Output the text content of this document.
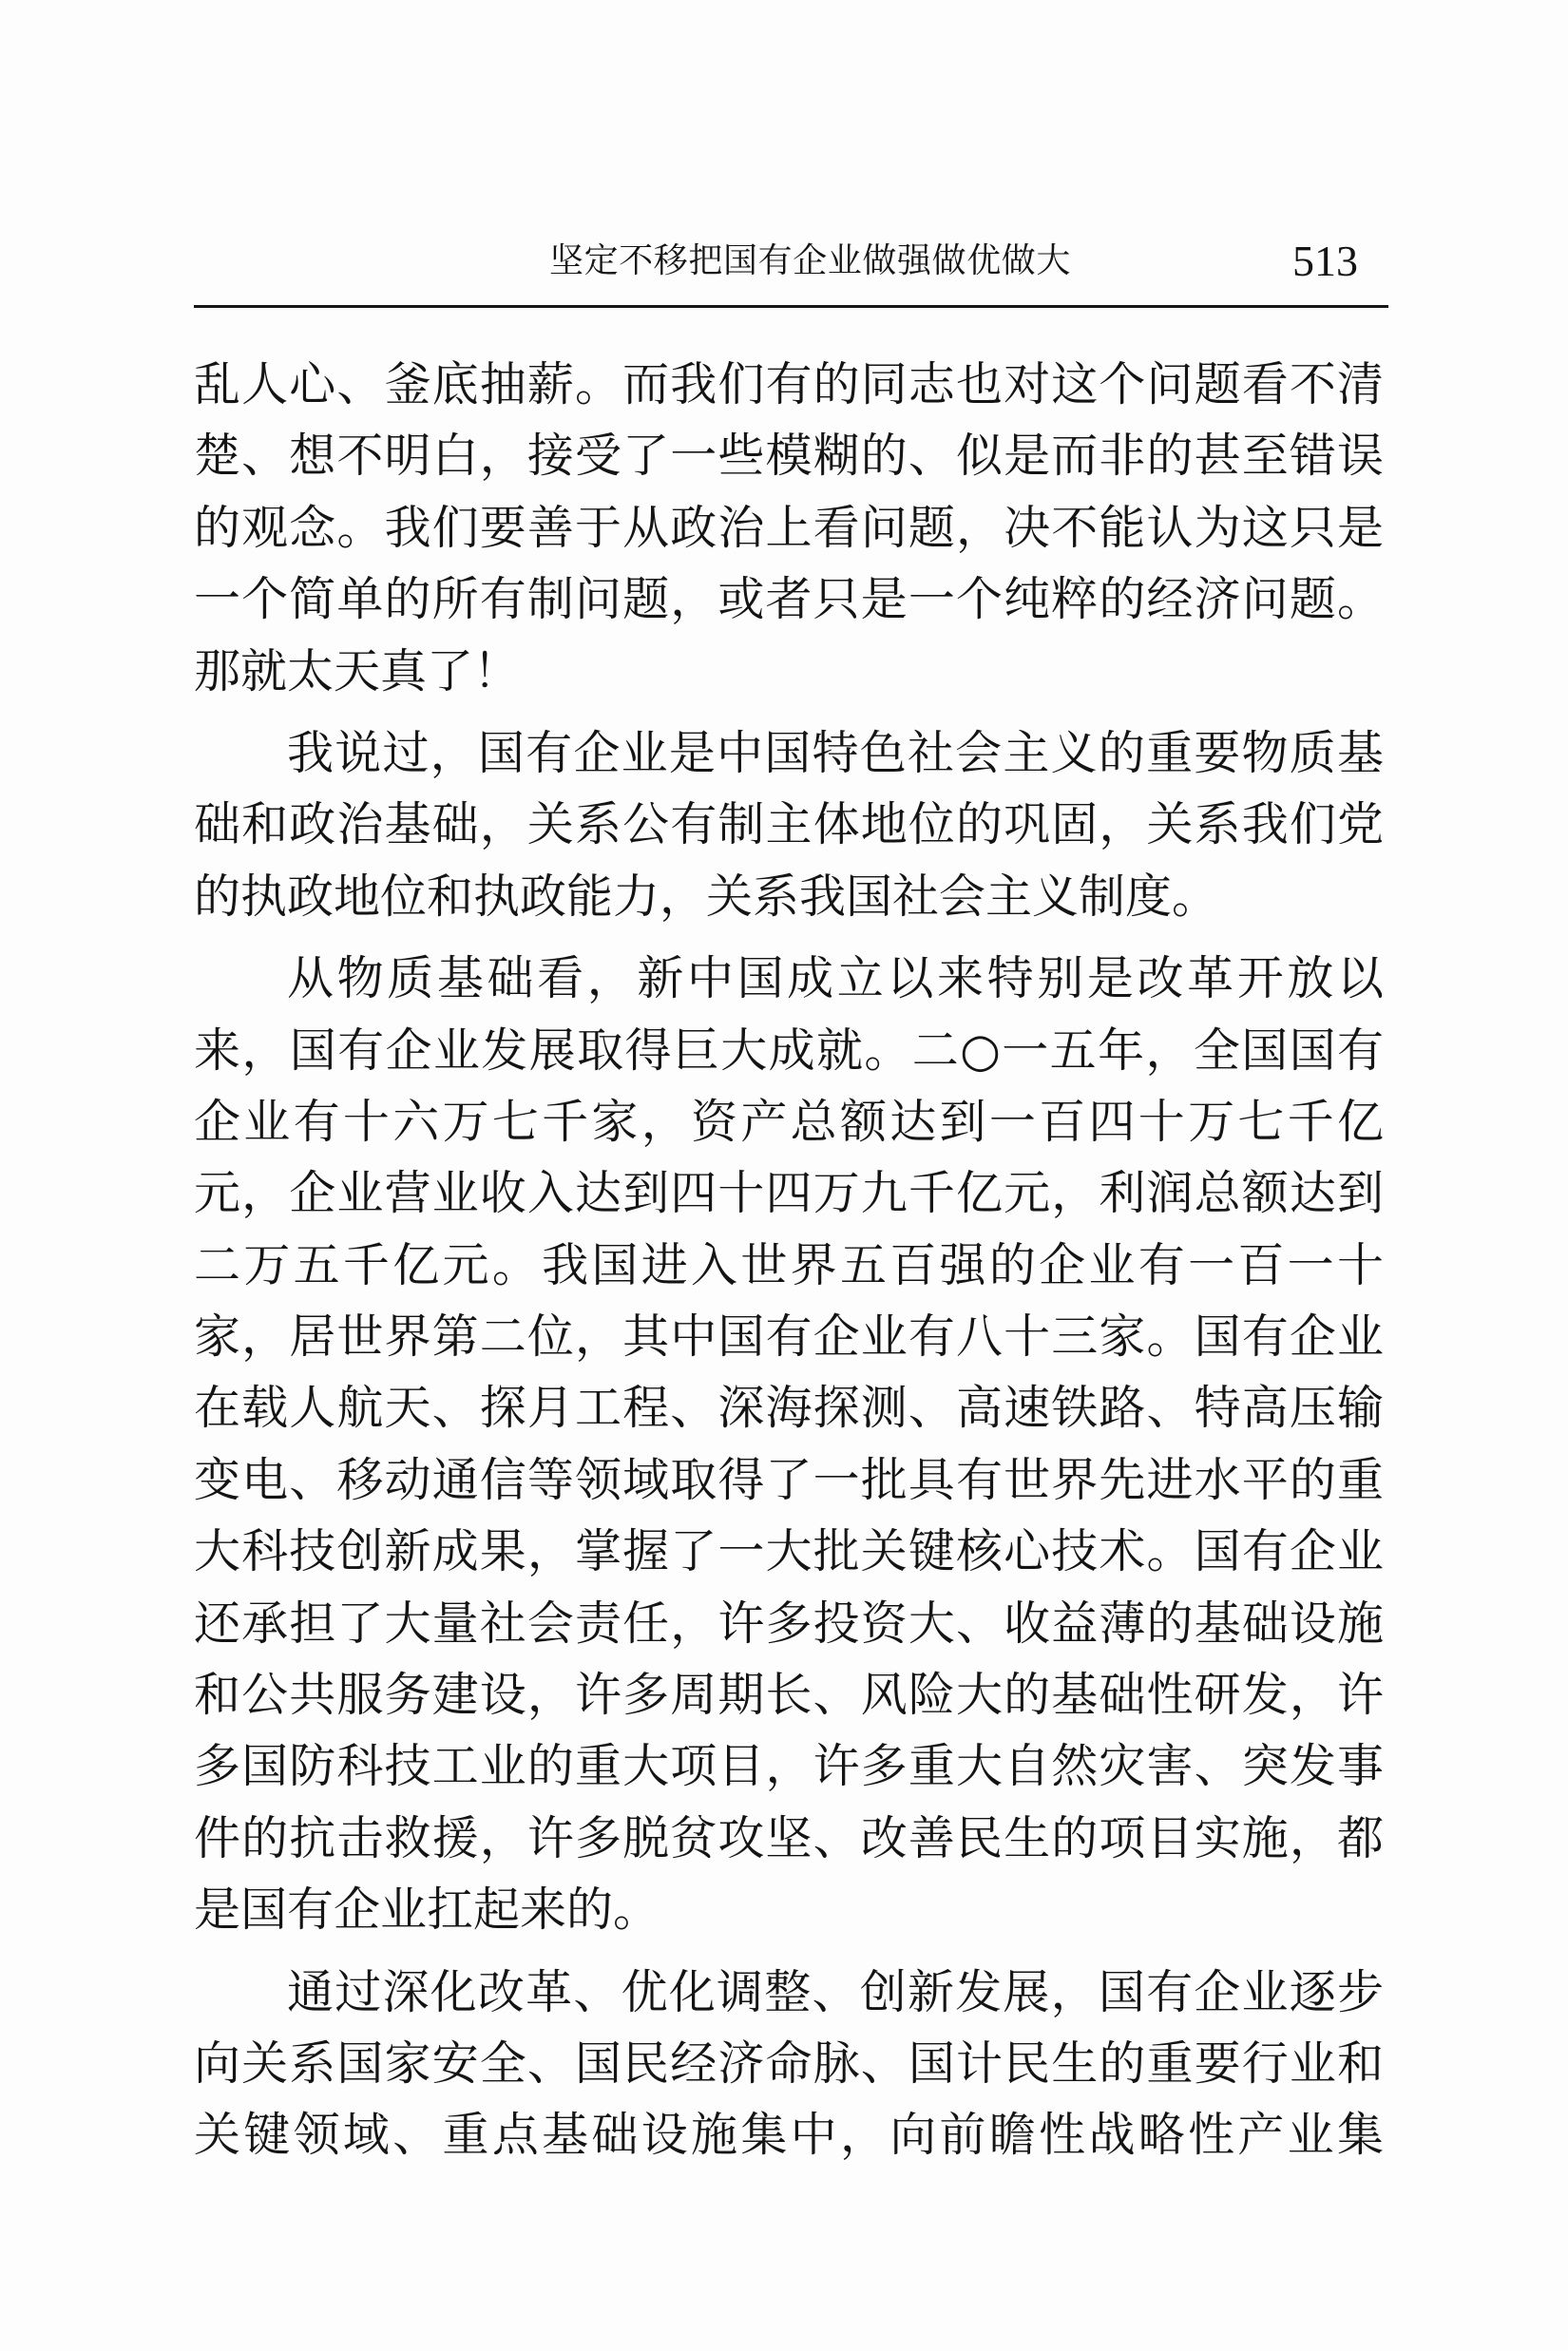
坚定不移把国有企业做强做优做大	513
乱人心、釜底抽薪。而我们有的同志也对这个问题看不清
楚、想不明白，接受了一些模糊的、似是而非的甚至错误
的观念。我们要善于从政治上看问题，决不能认为这只是
一个简单的所有制问题，或者只是一个纯粹的经济问题。
那就太天真了！
我说过，国有企业是中国特色社会主义的重要物质基
础和政治基础，关系公有制主体地位的巩固，关系我们党
的执政地位和执政能力，关系我国社会主义制度。
从物质基础看，新中国成立以来特别是改革开放以
来，国有企业发展取得巨大成就。二○一五年，全国国有
企业有十六万七千家，资产总额达到一百四十万七千亿
元，企业营业收入达到四十四万九千亿元，利润总额达到
二万五千亿元。我国进入世界五百强的企业有一百一十
家，居世界第二位，其中国有企业有八十三家。国有企业
在载人航天、探月工程、深海探测、高速铁路、特高压输
变电、移动通信等领域取得了一批具有世界先进水平的重
大科技创新成果，掌握了一大批关键核心技术。国有企业
还承担了大量社会责任，许多投资大、收益薄的基础设施
和公共服务建设，许多周期长、风险大的基础性研发，许
多国防科技工业的重大项目，许多重大自然灾害、突发事
件的抗击救援，许多脱贫攻坚、改善民生的项目实施，都
是国有企业扛起来的。
通过深化改革、优化调整、创新发展，国有企业逐步
向关系国家安全、国民经济命脉、国计民生的重要行业和
关键领域、重点基础设施集中，向前瞻性战略性产业集
